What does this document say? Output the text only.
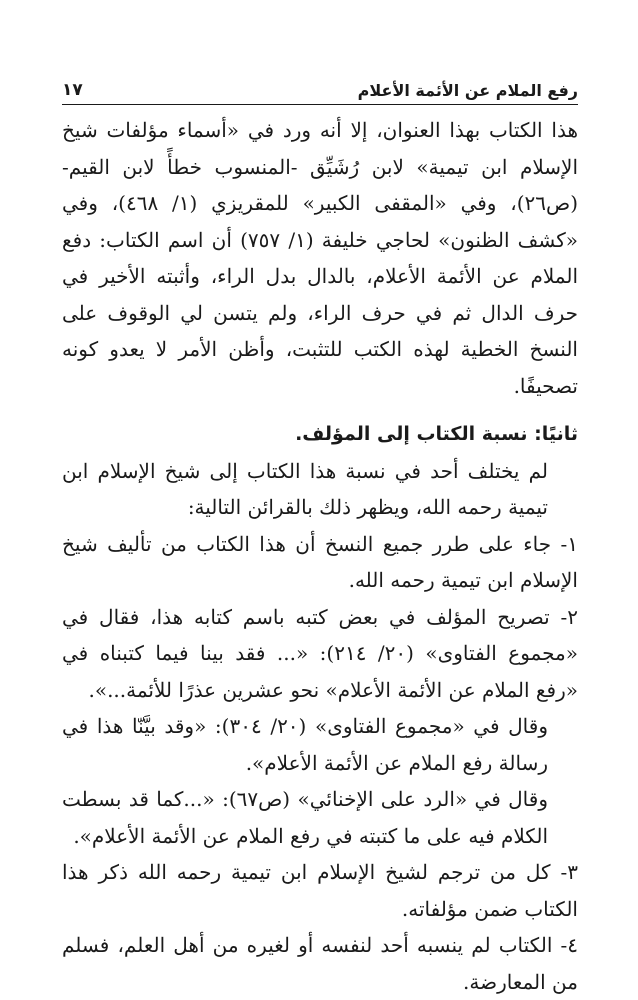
رفع الملام عن الأئمة الأعلام
١٧

هذا الكتاب بهذا العنوان، إلا أنه ورد في «أسماء مؤلفات شيخ الإسلام ابن تيمية» لابن رُشَيِّق -المنسوب خطأً لابن القيم- (ص٢٦)، وفي «المقفى الكبير» للمقريزي (١/ ٤٦٨)، وفي «كشف الظنون» لحاجي خليفة (١/ ٧٥٧) أن اسم الكتاب: دفع الملام عن الأئمة الأعلام، بالدال بدل الراء، وأثبته الأخير في حرف الدال ثم في حرف الراء، ولم يتسن لي الوقوف على النسخ الخطية لهذه الكتب للتثبت، وأظن الأمر لا يعدو كونه تصحيفًا.

ثانيًا: نسبة الكتاب إلى المؤلف.

لم يختلف أحد في نسبة هذا الكتاب إلى شيخ الإسلام ابن تيمية رحمه الله، ويظهر ذلك بالقرائن التالية:

١- جاء على طرر جميع النسخ أن هذا الكتاب من تأليف شيخ الإسلام ابن تيمية رحمه الله.

٢- تصريح المؤلف في بعض كتبه باسم كتابه هذا، فقال في «مجموع الفتاوى» (٢٠/ ٢١٤): «... فقد بينا فيما كتبناه في «رفع الملام عن الأئمة الأعلام» نحو عشرين عذرًا للأئمة...».

وقال في «مجموع الفتاوى» (٢٠/ ٣٠٤): «وقد بيَّنّا هذا في رسالة رفع الملام عن الأئمة الأعلام».

وقال في «الرد على الإخنائي» (ص٦٧): «...كما قد بسطت الكلام فيه على ما كتبته في رفع الملام عن الأئمة الأعلام».

٣- كل من ترجم لشيخ الإسلام ابن تيمية رحمه الله ذكر هذا الكتاب ضمن مؤلفاته.

٤- الكتاب لم ينسبه أحد لنفسه أو لغيره من أهل العلم، فسلم من المعارضة.
